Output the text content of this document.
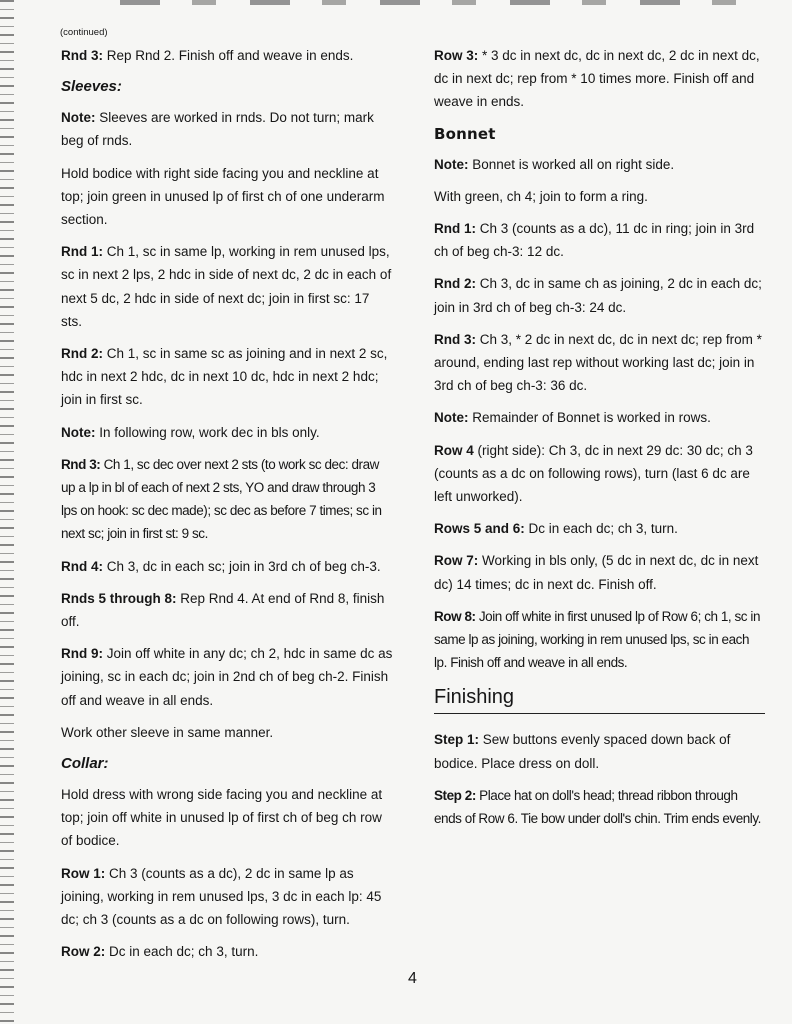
(continued)

Rnd 3: Rep Rnd 2. Finish off and weave in ends.

Sleeves:

Note: Sleeves are worked in rnds. Do not turn; mark beg of rnds.

Hold bodice with right side facing you and neckline at top; join green in unused lp of first ch of one underarm section.

Rnd 1: Ch 1, sc in same lp, working in rem unused lps, sc in next 2 lps, 2 hdc in side of next dc, 2 dc in each of next 5 dc, 2 hdc in side of next dc; join in first sc: 17 sts.

Rnd 2: Ch 1, sc in same sc as joining and in next 2 sc, hdc in next 2 hdc, dc in next 10 dc, hdc in next 2 hdc; join in first sc.

Note: In following row, work dec in bls only.

Rnd 3: Ch 1, sc dec over next 2 sts (to work sc dec: draw up a lp in bl of each of next 2 sts, YO and draw through 3 lps on hook: sc dec made); sc dec as before 7 times; sc in next sc; join in first st: 9 sc.

Rnd 4: Ch 3, dc in each sc; join in 3rd ch of beg ch-3.

Rnds 5 through 8: Rep Rnd 4. At end of Rnd 8, finish off.

Rnd 9: Join off white in any dc; ch 2, hdc in same dc as joining, sc in each dc; join in 2nd ch of beg ch-2. Finish off and weave in all ends.

Work other sleeve in same manner.

Collar:

Hold dress with wrong side facing you and neckline at top; join off white in unused lp of first ch of beg ch row of bodice.

Row 1: Ch 3 (counts as a dc), 2 dc in same lp as joining, working in rem unused lps, 3 dc in each lp: 45 dc; ch 3 (counts as a dc on following rows), turn.

Row 2: Dc in each dc; ch 3, turn.

Row 3: * 3 dc in next dc, dc in next dc, 2 dc in next dc, dc in next dc; rep from * 10 times more. Finish off and weave in ends.

Bonnet

Note: Bonnet is worked all on right side.

With green, ch 4; join to form a ring.

Rnd 1: Ch 3 (counts as a dc), 11 dc in ring; join in 3rd ch of beg ch-3: 12 dc.

Rnd 2: Ch 3, dc in same ch as joining, 2 dc in each dc; join in 3rd ch of beg ch-3: 24 dc.

Rnd 3: Ch 3, * 2 dc in next dc, dc in next dc; rep from * around, ending last rep without working last dc; join in 3rd ch of beg ch-3: 36 dc.

Note: Remainder of Bonnet is worked in rows.

Row 4 (right side): Ch 3, dc in next 29 dc: 30 dc; ch 3 (counts as a dc on following rows), turn (last 6 dc are left unworked).

Rows 5 and 6: Dc in each dc; ch 3, turn.

Row 7: Working in bls only, (5 dc in next dc, dc in next dc) 14 times; dc in next dc. Finish off.

Row 8: Join off white in first unused lp of Row 6; ch 1, sc in same lp as joining, working in rem unused lps, sc in each lp. Finish off and weave in all ends.

Finishing

Step 1: Sew buttons evenly spaced down back of bodice. Place dress on doll.

Step 2: Place hat on doll's head; thread ribbon through ends of Row 6. Tie bow under doll's chin. Trim ends evenly.

4
